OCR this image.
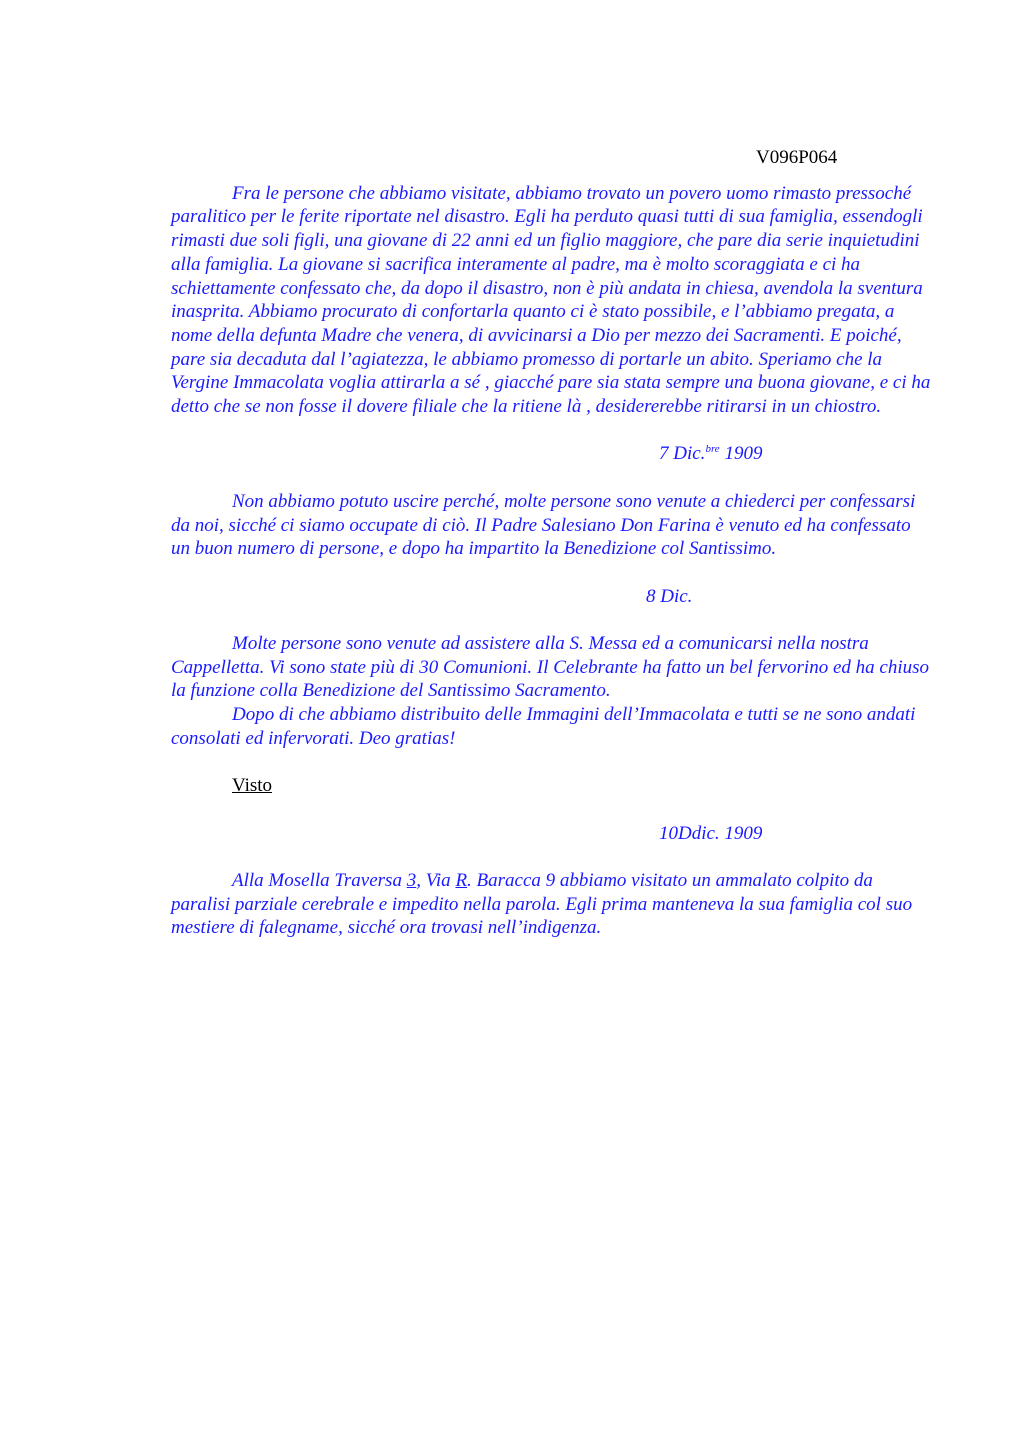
V096P064

Fra le persone che abbiamo visitate, abbiamo trovato un povero uomo rimasto pressoché paralitico per le ferite riportate nel disastro. Egli ha perduto quasi tutti di sua famiglia, essendogli rimasti due soli figli, una giovane di 22 anni ed un figlio maggiore, che pare dia serie inquietudini alla famiglia. La giovane si sacrifica interamente al padre, ma è molto scoraggiata e ci ha schiettamente confessato che, da dopo il disastro, non è più andata in chiesa, avendola la sventura inasprita. Abbiamo procurato di confortarla quanto ci è stato possibile, e l’abbiamo pregata, a nome della defunta Madre che venera, di avvicinarsi a Dio per mezzo dei Sacramenti. E poiché, pare sia decaduta dal l’agiatezza, le abbiamo promesso di portarle un abito. Speriamo che la Vergine Immacolata voglia attirarla a sé , giacché pare sia stata sempre una buona giovane, e ci ha detto che se non fosse il dovere filiale che la ritiene là , desidererebbe ritirarsi in un chiostro.

7 Dic.$^{bre}$ 1909

Non abbiamo potuto uscire perché, molte persone sono venute a chiederci per confessarsi da noi, sicché ci siamo occupate di ciò. Il Padre Salesiano Don Farina è venuto ed ha confessato un buon numero di persone, e dopo ha impartito la Benedizione col Santissimo.

8 Dic.

Molte persone sono venute ad assistere alla S. Messa ed a comunicarsi nella nostra Cappelletta. Vi sono state più di 30 Comunioni. Il Celebrante ha fatto un bel fervorino ed ha chiuso la funzione colla Benedizione del Santissimo Sacramento.

Dopo di che abbiamo distribuito delle Immagini dell’Immacolata e tutti se ne sono andati consolati ed infervorati. Deo gratias!

Visto

10Ddic. 1909

Alla Mosella Traversa 3, Via R. Baracca 9 abbiamo visitato un ammalato colpito da paralisi parziale cerebrale e impedito nella parola. Egli prima manteneva la sua famiglia col suo mestiere di falegname, sicché ora trovasi nell’indigenza.
